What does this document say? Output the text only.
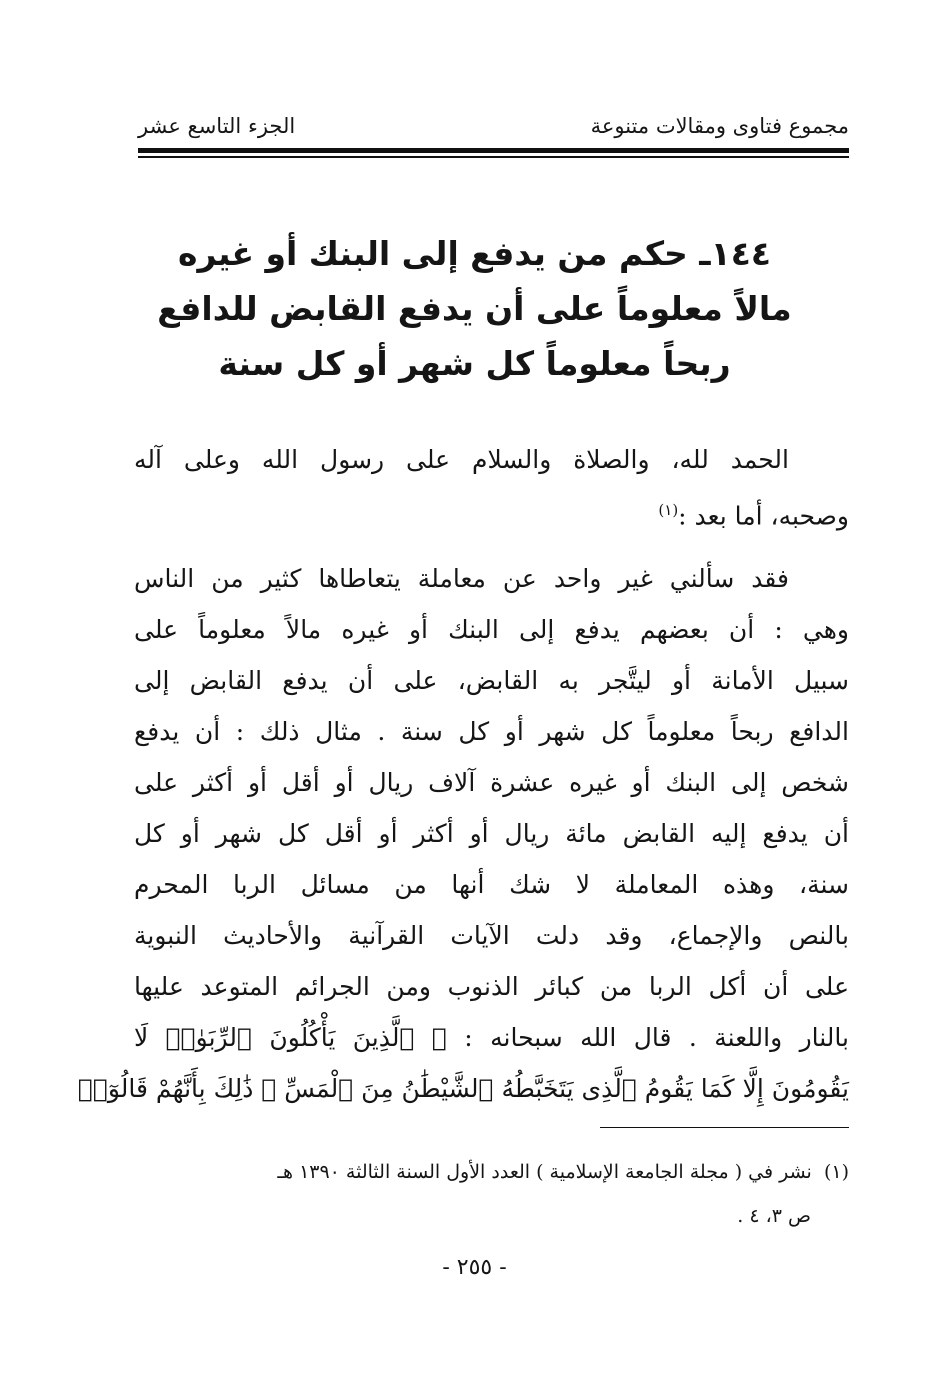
مجموع فتاوى ومقالات متنوعة
الجزء التاسع عشر
١٤٤ـ حكم من يدفع إلى البنك أو غيره
مالاً معلوماً على أن يدفع القابض للدافع
ربحاً معلوماً كل شهر أو كل سنة

الحمد لله، والصلاة والسلام على رسول الله وعلى آله
وصحبه، أما بعد :$^{(١)}$

فقد سألني غير واحد عن معاملة يتعاطاها كثير من الناس
وهي : أن بعضهم يدفع إلى البنك أو غيره مالاً معلوماً على
سبيل الأمانة أو ليتَّجر به القابض، على أن يدفع القابض إلى
الدافع ربحاً معلوماً كل شهر أو كل سنة . مثال ذلك : أن يدفع
شخص إلى البنك أو غيره عشرة آلاف ريال أو أقل أو أكثر على
أن يدفع إليه القابض مائة ريال أو أكثر أو أقل كل شهر أو كل
سنة، وهذه المعاملة لا شك أنها من مسائل الربا المحرم
بالنص والإجماع، وقد دلت الآيات القرآنية والأحاديث النبوية
على أن أكل الربا من كبائر الذنوب ومن الجرائم المتوعد عليها
بالنار واللعنة . قال الله سبحانه : ﴿ ٱلَّذِينَ يَأْكُلُونَ ٱلرِّبَوٰا۟ لَا
يَقُومُونَ إِلَّا كَمَا يَقُومُ ٱلَّذِى يَتَخَبَّطُهُ ٱلشَّيْطَٰنُ مِنَ ٱلْمَسِّ ۚ ذَٰلِكَ بِأَنَّهُمْ قَالُوٓا۟

(١)  نشر في ( مجلة الجامعة الإسلامية ) العدد الأول السنة الثالثة ١٣٩٠ هـ
ص ٣، ٤ .
- ٢٥٥ -
